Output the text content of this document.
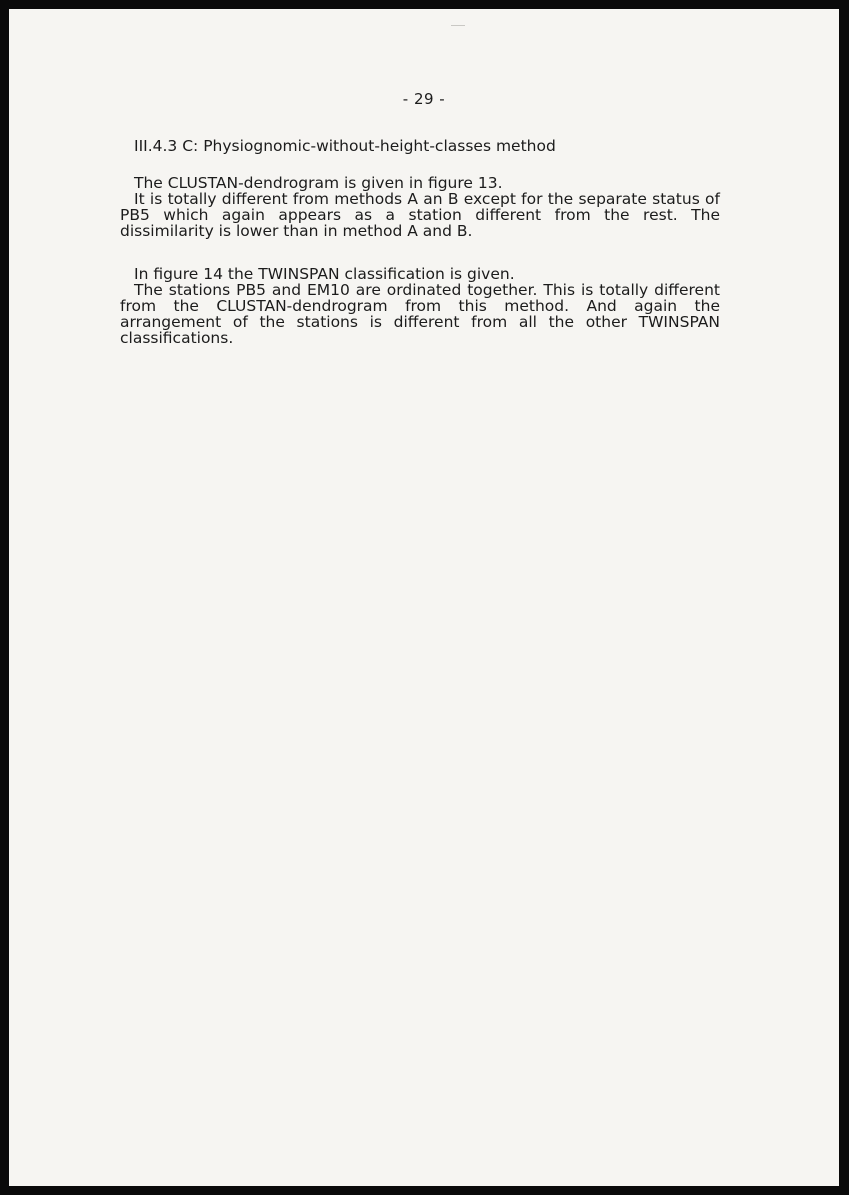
- 29 -
III.4.3 C: Physiognomic-without-height-classes method

The CLUSTAN-dendrogram is given in figure 13.

It is totally different from methods A an B except for the separate status of PB5 which again appears as a station different from the rest. The dissimilarity is lower than in method A and B.

In figure 14 the TWINSPAN classification is given.

The stations PB5 and EM10 are ordinated together. This is totally different from the CLUSTAN-dendrogram from this method. And again the arrangement of the stations is different from all the other TWINSPAN classifications.
